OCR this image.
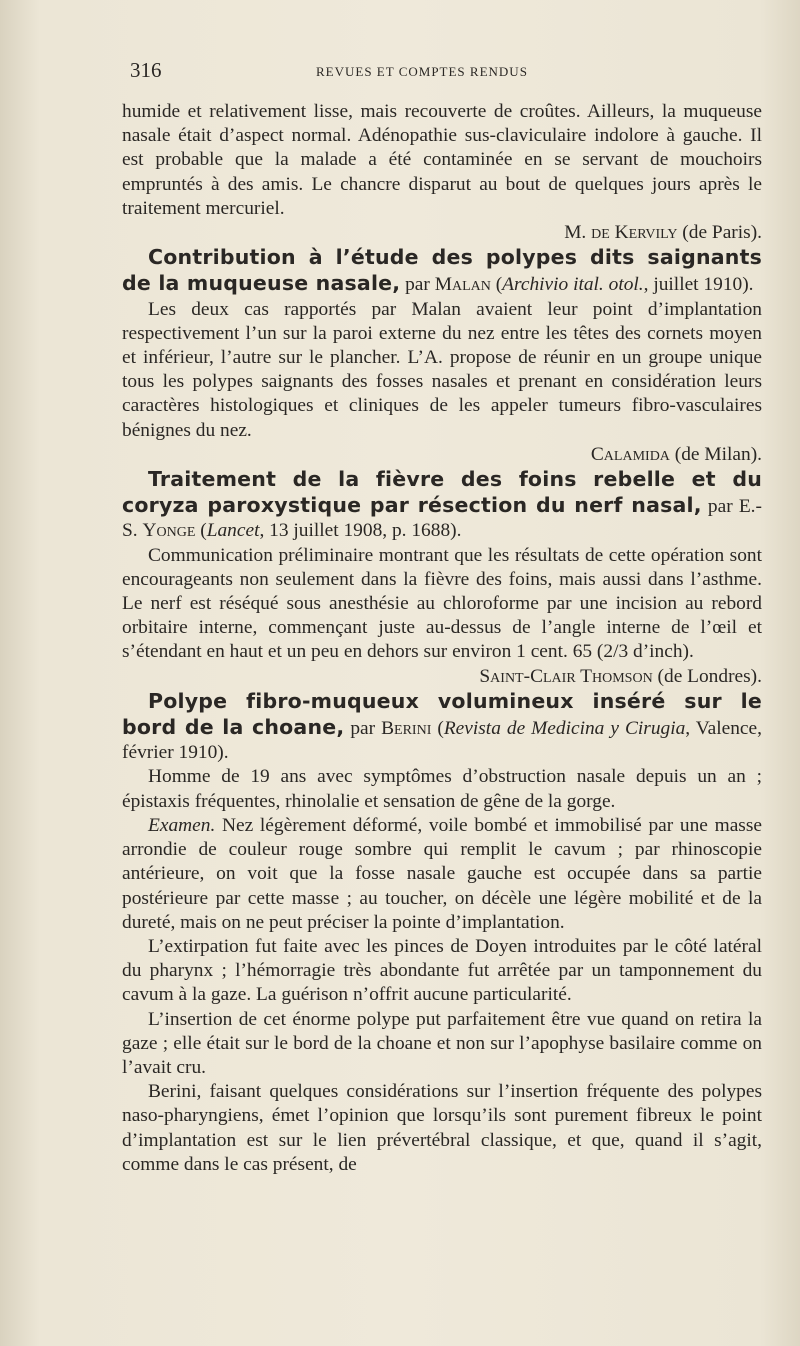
316	REVUES ET COMPTES RENDUS

humide et relativement lisse, mais recouverte de croûtes. Ailleurs, la muqueuse nasale était d’aspect normal. Adénopathie sus-claviculaire indolore à gauche. Il est probable que la malade a été contaminée en se servant de mouchoirs empruntés à des amis. Le chancre disparut au bout de quelques jours après le traitement mercuriel.

M. de Kervily (de Paris).

Contribution à l’étude des polypes dits saignants de la muqueuse nasale, par Malan (Archivio ital. otol., juillet 1910).

Les deux cas rapportés par Malan avaient leur point d’implantation respectivement l’un sur la paroi externe du nez entre les têtes des cornets moyen et inférieur, l’autre sur le plancher. L’A. propose de réunir en un groupe unique tous les polypes saignants des fosses nasales et prenant en considération leurs caractères histologiques et cliniques de les appeler tumeurs fibro-vasculaires bénignes du nez.

Calamida (de Milan).

Traitement de la fièvre des foins rebelle et du coryza paroxystique par résection du nerf nasal, par E.-S. Yonge (Lancet, 13 juillet 1908, p. 1688).

Communication préliminaire montrant que les résultats de cette opération sont encourageants non seulement dans la fièvre des foins, mais aussi dans l’asthme. Le nerf est réséqué sous anesthésie au chloroforme par une incision au rebord orbitaire interne, commençant juste au-dessus de l’angle interne de l’œil et s’étendant en haut et un peu en dehors sur environ 1 cent. 65 (2/3 d’inch).

Saint-Clair Thomson (de Londres).

Polype fibro-muqueux volumineux inséré sur le bord de la choane, par Berini (Revista de Medicina y Cirugia, Valence, février 1910).

Homme de 19 ans avec symptômes d’obstruction nasale depuis un an ; épistaxis fréquentes, rhinolalie et sensation de gêne de la gorge.

Examen. Nez légèrement déformé, voile bombé et immobilisé par une masse arrondie de couleur rouge sombre qui remplit le cavum ; par rhinoscopie antérieure, on voit que la fosse nasale gauche est occupée dans sa partie postérieure par cette masse ; au toucher, on décèle une légère mobilité et de la dureté, mais on ne peut préciser la pointe d’implantation.

L’extirpation fut faite avec les pinces de Doyen introduites par le côté latéral du pharynx ; l’hémorragie très abondante fut arrêtée par un tamponnement du cavum à la gaze. La guérison n’offrit aucune particularité.

L’insertion de cet énorme polype put parfaitement être vue quand on retira la gaze ; elle était sur le bord de la choane et non sur l’apophyse basilaire comme on l’avait cru.

Berini, faisant quelques considérations sur l’insertion fréquente des polypes naso-pharyngiens, émet l’opinion que lorsqu’ils sont purement fibreux le point d’implantation est sur le lien prévertébral classique, et que, quand il s’agit, comme dans le cas présent, de
